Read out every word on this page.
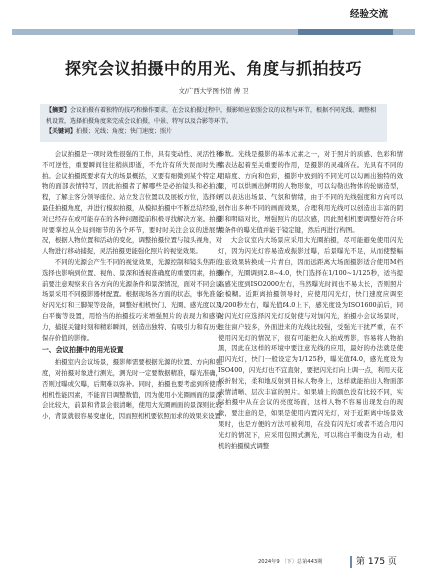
经验交流
探究会议拍摄中的用光、角度与抓拍技巧
文/广西大学图书馆 傅 卫
【摘要】会议拍摄有着独特的技巧和操作要求，在会议拍摄过程中，摄影师应依照会议的议程与环节，根据不同光线、调整相机设置，选择拍摄角度来完成会议拍摄，中景、特写以及合影等环节。
【关键词】拍摄；光线；角度；快门速度；照片

会议拍摄是一项时效性很强的工作，具有变动性、灵活性和不可逆性，重要瞬间往往稍纵即逝，不允许有所失误而时失再拍。会议拍摄既要求有大的场景概括，又要有细微到某个特定人物的面部表情特写，因此拍摄者了解哪些是必拍镜头和必拍流程，了解主客分领导座位、站立发言位置以及展板方位，选择好最佳拍摄角度，并进行模拟拍摄，从模拟拍摄中不断总结经验，对已经存在或可能存在的各种问题提前积极寻找解决方案。拍摄时要掌控从全局到细节的各个环节，要时时关注会议的进展情况，根据人物位置和活动的变化，调整拍摄位置与镜头视角，对人物进行移动捕捉，灵活拍摄更能强化照片的视觉效果。

不同的光源会产生不同的视觉效果，光源控制和镜头焦距的选择也影响到位置、视角、景深和透视准确度的重要因素，拍摄前要注意观察来自各方向的光源条件和景深情况，面对不同会议场景采用不同摄影器材配置。根据现场各方面的状态，事先准备好闪光灯和三脚架等设备，调整好相机快门、光圈、感光度以及白平衡等设置，用恰当的拍摄技巧来增强照片的表现力和感染力，捕捉关键时刻和精彩瞬间，创造出独特、有吸引力和有历史保存价值的影像。

一、会议拍摄中的用光设置

拍摄室内会议场景，摄影师需要根据光源的位置、方向和强度，对拍摄对象进行测光，测光时一定要数据精准，曝光准确，否则过曝或欠曝，后期难以弥补。同时，拍摄也要考虑到所使用相机性能因素，不能盲目调整数值，因为使用小光圈画面的景深会比较大，前景和背景会很清晰，使用大光圈画面的景深则比较小，背景就很容易变虚化，因而照相机要依照而求的效果来设置

参数。光线是摄影的基本元素之一，对于照片的质感、色彩和情绪表达起着至关重要的作用，是摄影的灵魂所在。光具有不同的明暗度、方向和色彩，摄影中放到的不同光可以勾画出独特的效果，可以烘画出鲜明的人物形象，可以勾勒出物体的轮廓造型，可以表达出场景、气氛和情绪，由于不同的光线强度和方向可以创作出多种不同的画面效果，合理利用光线可以创造出丰富的阴影和明暗对比，增强照片的层次感，因此照相机要调整好符合环境条件的曝光值并能于镜定键，然后再进行构图。

大会议室内大场景应采用大光圈拍摄，尽可能避免使用闪光灯，因为闪光灯容易造成振影过曝，后景曝光不足，从而使整幅主旅效果转换成一片青白，因而远距离大场面摄影适合使用M档操作，光圈调到2.8~4.0，快门选择在1/100~1/125秒，适当提高感光度到ISO2000左右，当然曝光时间也不易太长，否则照片会模糊。近距离拍摄领导时，应使用闪光灯，快门速度应调至1/200秒左右，曝光值f4.0上下，感光度设为ISO1600前后，同时闪光灯应选择闪光灯反射使与对加闪光，拍摄小会议场景时，往往窗户较多，外面进来的光线比较强，受强光干扰严重，在不使用闪光灯的情况下，很有可能把众人拍成剪影，容易将人物拍黑，因此在这样的环境中要注意光线的应用，最好的办法就是使用闪光灯，快门一般设定为1/125秒，曝光值f4.0，感光度设为ISO400，闪光灯也不宜直射，要把闪光灯向上调一点，利用天花板折射光，柔和地反射到目标人物身上，这样就能拍出人物面部表情清晰、层次丰富的照片。如果墙上的颜色没有比较不同，实际拍摄中从在会议的亮度场面，这样人物不容易出现发白的现象，要注意的是，如果是使用内置闪光灯，对于近距离中场景效果时，也是方便的方法可被利用，在没有闪光灯或者不适合用闪光灯的情况下，应采用包围式测光，可以将白平衡设为自动，相机的拍摄模式调整

2024年9 〔下〕总第443期	第 175 页
